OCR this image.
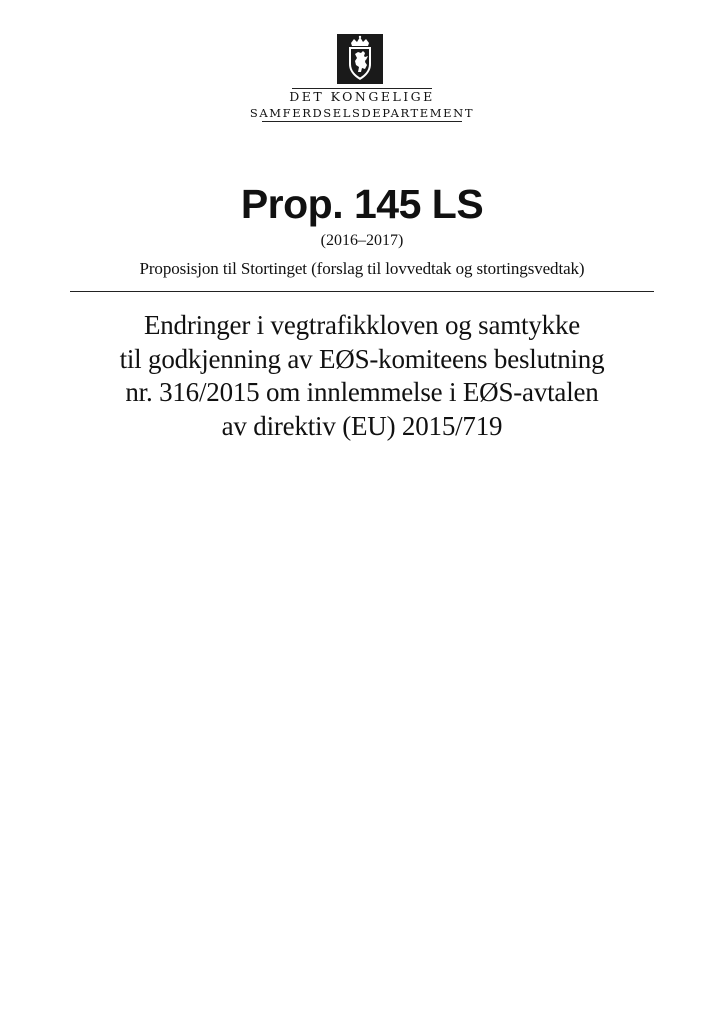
DET KONGELIGE
SAMFERDSELSDEPARTEMENT
Prop. 145 LS
(2016–2017)
Proposisjon til Stortinget (forslag til lovvedtak og stortingsvedtak)
Endringer i vegtrafikkloven og samtykke
til godkjenning av EØS-komiteens beslutning
nr. 316/2015 om innlemmelse i EØS-avtalen
av direktiv (EU) 2015/719
